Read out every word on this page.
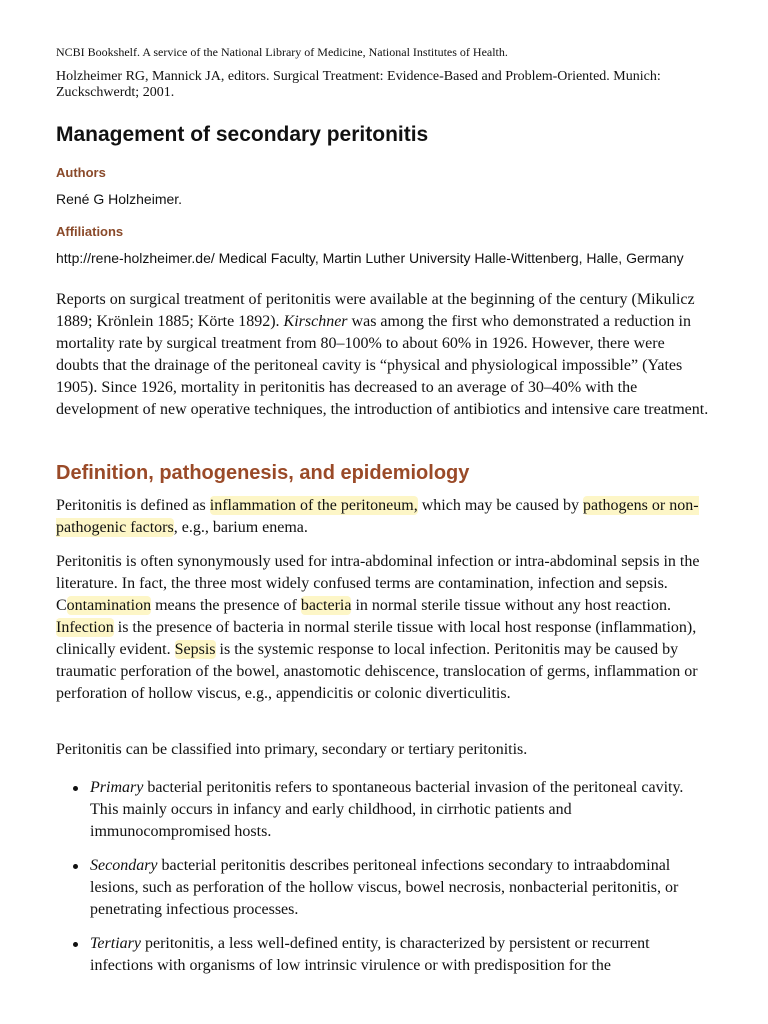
NCBI Bookshelf. A service of the National Library of Medicine, National Institutes of Health.

Holzheimer RG, Mannick JA, editors. Surgical Treatment: Evidence-Based and Problem-Oriented. Munich: Zuckschwerdt; 2001.

Management of secondary peritonitis
Authors
René G Holzheimer.
Affiliations
http://rene-holzheimer.de/ Medical Faculty, Martin Luther University Halle-Wittenberg, Halle, Germany

Reports on surgical treatment of peritonitis were available at the beginning of the century (Mikulicz 1889; Krönlein 1885; Körte 1892). Kirschner was among the first who demonstrated a reduction in mortality rate by surgical treatment from 80–100% to about 60% in 1926. However, there were doubts that the drainage of the peritoneal cavity is “physical and physiological impossible” (Yates 1905). Since 1926, mortality in peritonitis has decreased to an average of 30–40% with the development of new operative techniques, the introduction of antibiotics and intensive care treatment.

Definition, pathogenesis, and epidemiology

Peritonitis is defined as inflammation of the peritoneum, which may be caused by pathogens or non-pathogenic factors, e.g., barium enema.

Peritonitis is often synonymously used for intra-abdominal infection or intra-abdominal sepsis in the literature. In fact, the three most widely confused terms are contamination, infection and sepsis. Contamination means the presence of bacteria in normal sterile tissue without any host reaction. Infection is the presence of bacteria in normal sterile tissue with local host response (inflammation), clinically evident. Sepsis is the systemic response to local infection. Peritonitis may be caused by traumatic perforation of the bowel, anastomotic dehiscence, translocation of germs, inflammation or perforation of hollow viscus, e.g., appendicitis or colonic diverticulitis.

Peritonitis can be classified into primary, secondary or tertiary peritonitis.

Primary bacterial peritonitis refers to spontaneous bacterial invasion of the peritoneal cavity. This mainly occurs in infancy and early childhood, in cirrhotic patients and immunocompromised hosts.
Secondary bacterial peritonitis describes peritoneal infections secondary to intraabdominal lesions, such as perforation of the hollow viscus, bowel necrosis, nonbacterial peritonitis, or penetrating infectious processes.
Tertiary peritonitis, a less well-defined entity, is characterized by persistent or recurrent infections with organisms of low intrinsic virulence or with predisposition for the
